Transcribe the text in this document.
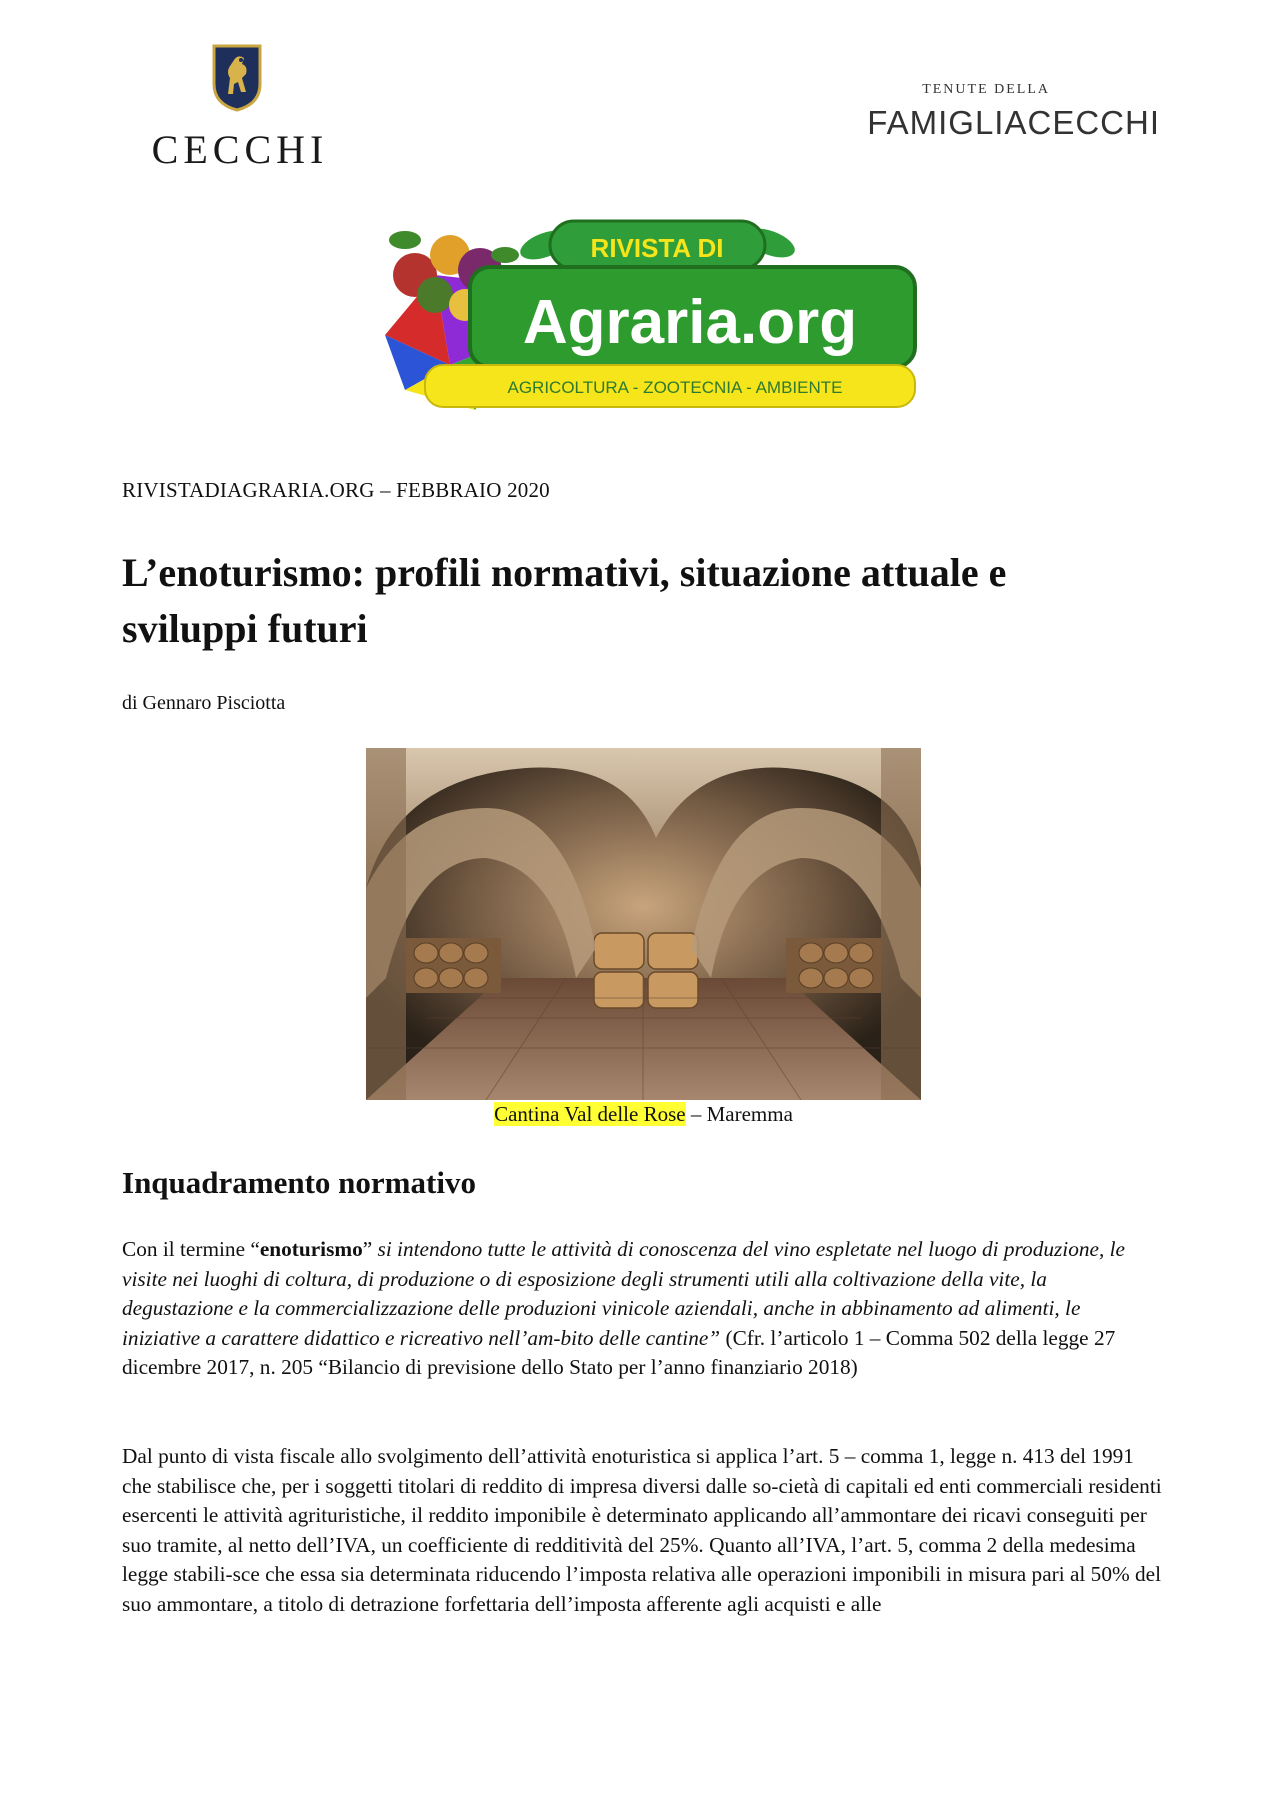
CECCHI
TENUTE DELLA
FAMIGLIACECCHI
RIVISTA DI
Agraria.org
AGRICOLTURA - ZOOTECNIA - AMBIENTE
RIVISTADIAGRARIA.ORG – FEBBRAIO 2020
L’enoturismo: profili normativi, situazione attuale e sviluppi futuri
di Gennaro Pisciotta
Cantina Val delle Rose – Maremma
Inquadramento normativo

Con il termine “enoturismo” si intendono tutte le attività di conoscenza del vino espletate nel luogo di produzione, le visite nei luoghi di coltura, di produzione o di esposizione degli strumenti utili alla coltivazione della vite, la degustazione e la commercializzazione delle produzioni vinicole aziendali, anche in abbinamento ad alimenti, le iniziative a carattere didattico e ricreativo nell’am-bito delle cantine” (Cfr. l’articolo 1 – Comma 502 della legge 27 dicembre 2017, n. 205 “Bilancio di previsione dello Stato per l’anno finanziario 2018)

Dal punto di vista fiscale allo svolgimento dell’attività enoturistica si applica l’art. 5 – comma 1, legge n. 413 del 1991 che stabilisce che, per i soggetti titolari di reddito di impresa diversi dalle so-cietà di capitali ed enti commerciali residenti esercenti le attività agrituristiche, il reddito imponibile è determinato applicando all’ammontare dei ricavi conseguiti per suo tramite, al netto dell’IVA, un coefficiente di redditività del 25%. Quanto all’IVA, l’art. 5, comma 2 della medesima legge stabili-sce che essa sia determinata riducendo l’imposta relativa alle operazioni imponibili in misura pari al 50% del suo ammontare, a titolo di detrazione forfettaria dell’imposta afferente agli acquisti e alle
